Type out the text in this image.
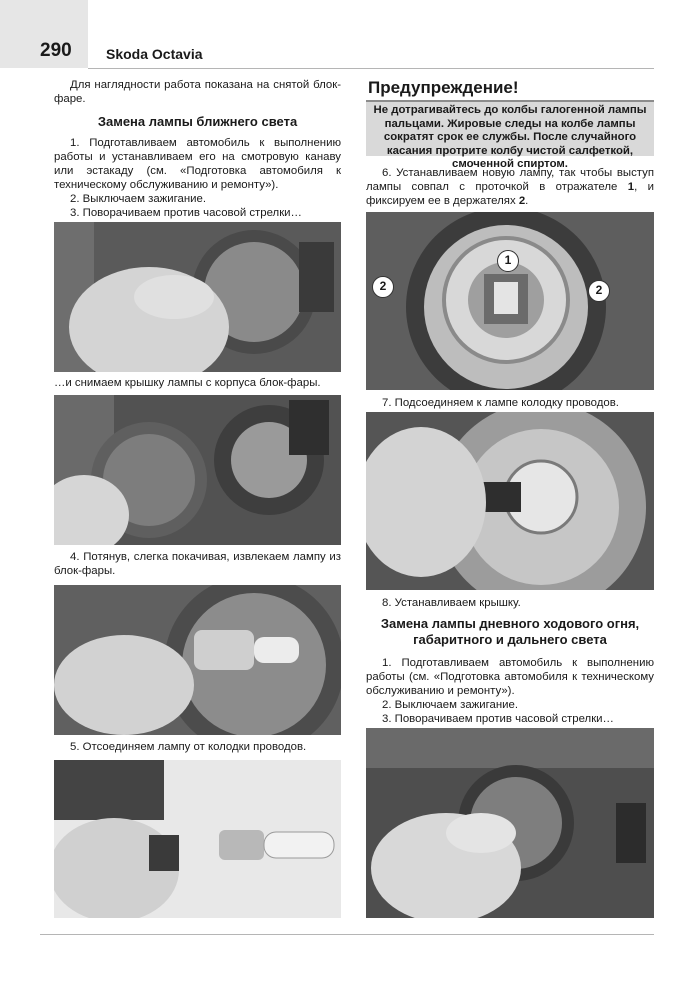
290 Skoda Octavia
Для наглядности работа показана на снятой блок-фаре.
Замена лампы ближнего света

1. Подготавливаем автомобиль к выполнению работы и устанавливаем его на смотровую канаву или эстакаду (см. «Подготовка автомобиля к техническому обслуживанию и ремонту»).

2. Выключаем зажигание.

3. Поворачиваем против часовой стрелки…

…и снимаем крышку лампы с корпуса блок-фары.

4. Потянув, слегка покачивая, извлекаем лампу из блок-фары.

5. Отсоединяем лампу от колодки проводов.

Предупреждение!
Не дотрагивайтесь до колбы галогенной лампы пальцами. Жировые следы на колбе лампы сократят срок ее службы. После случайного касания протрите колбу чистой салфеткой, смоченной спиртом.

6. Устанавливаем новую лампу, так чтобы выступ лампы совпал с проточкой в отражателе 1, и фиксируем ее в держателях 2.

1
2	2

7. Подсоединяем к лампе колодку проводов.

8. Устанавливаем крышку.

Замена лампы дневного ходового огня, габаритного и дальнего света

1. Подготавливаем автомобиль к выполнению работы (см. «Подготовка автомобиля к техническому обслуживанию и ремонту»).

2. Выключаем зажигание.

3. Поворачиваем против часовой стрелки…
